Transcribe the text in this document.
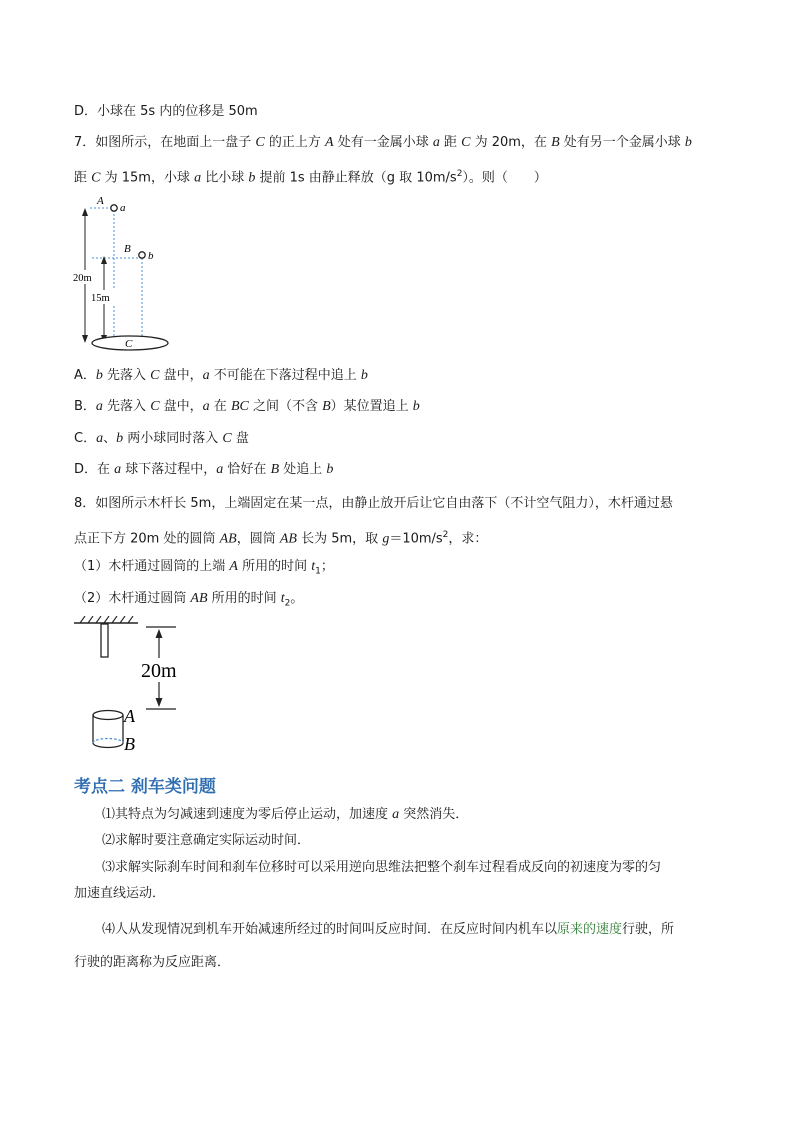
D．小球在 5s 内的位移是 50m
7．如图所示，在地面上一盘子 C 的正上方 A 处有一金属小球 a 距 C 为 20m，在 B 处有另一个金属小球 b
距 C 为 15m，小球 a 比小球 b 提前 1s 由静止释放（g 取 $10m/s^2$）。则（　　）
A
a
B
b
20m
15m
C
A．b 先落入 C 盘中，a 不可能在下落过程中追上 b
B．a 先落入 C 盘中，a 在 BC 之间（不含 B）某位置追上 b
C．a、b 两小球同时落入 C 盘
D．在 a 球下落过程中，a 恰好在 B 处追上 b
8．如图所示木杆长 5m，上端固定在某一点，由静止放开后让它自由落下（不计空气阻力），木杆通过悬
点正下方 20m 处的圆筒 AB，圆筒 AB 长为 5m，取 $g=10m/s^2$，求：
（1）木杆通过圆筒的上端 A 所用的时间 $t_1$；
（2）木杆通过圆筒 AB 所用的时间 $t_2$。
20m
A
B
考点二 刹车类问题
⑴其特点为匀减速到速度为零后停止运动，加速度 a 突然消失．
⑵求解时要注意确定实际运动时间．
⑶求解实际刹车时间和刹车位移时可以采用逆向思维法把整个刹车过程看成反向的初速度为零的匀
加速直线运动．
⑷人从发现情况到机车开始减速所经过的时间叫反应时间．在反应时间内机车以原来的速度行驶，所
行驶的距离称为反应距离．
